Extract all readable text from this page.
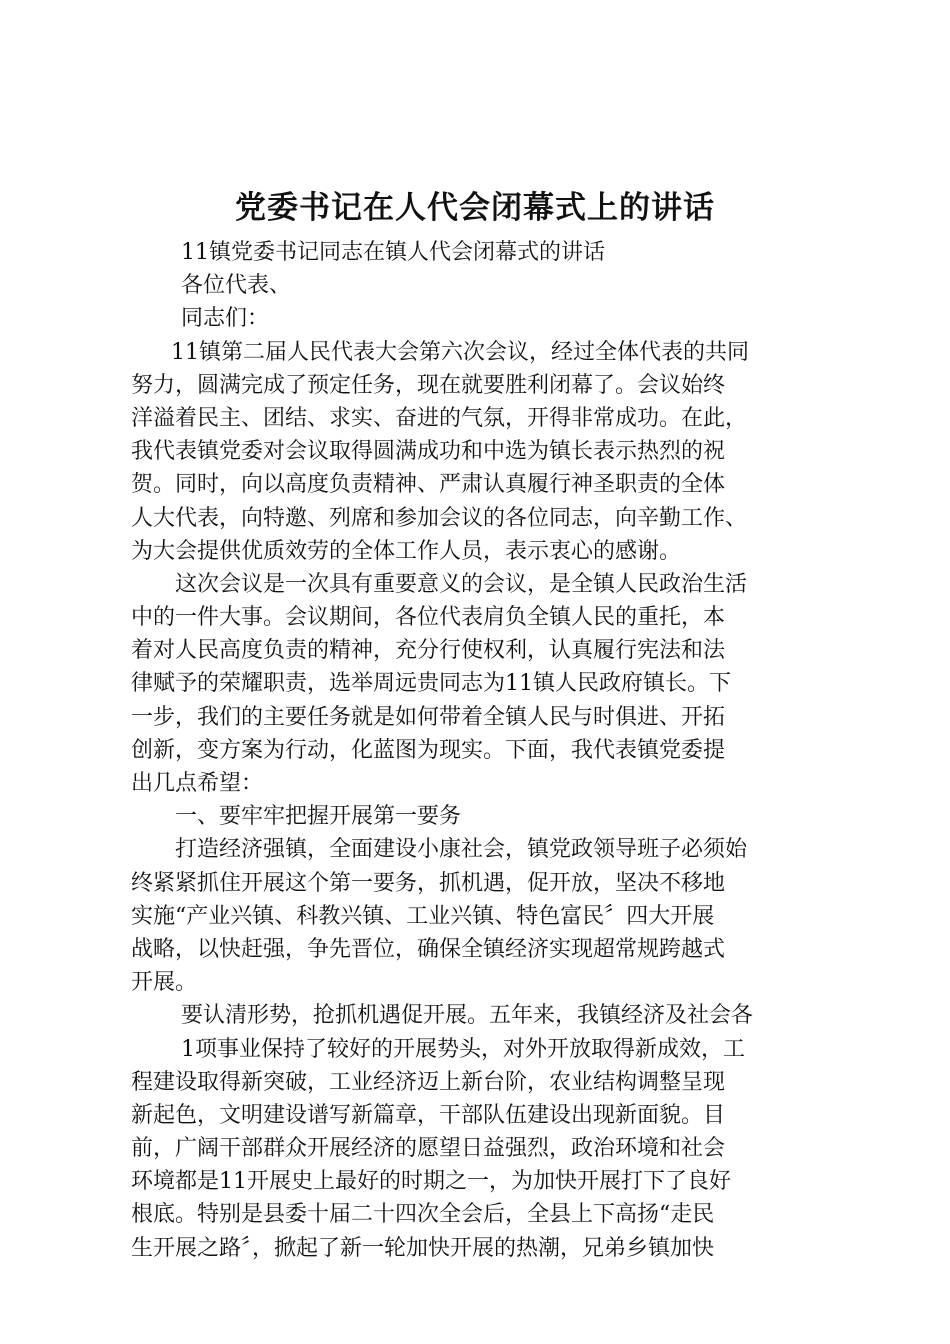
党委书记在人代会闭幕式上的讲话
11镇党委书记同志在镇人代会闭幕式的讲话
各位代表、
同志们：
11镇第二届人民代表大会第六次会议，经过全体代表的共同
努力，圆满完成了预定任务，现在就要胜利闭幕了。会议始终
洋溢着民主、团结、求实、奋进的气氛，开得非常成功。在此，
我代表镇党委对会议取得圆满成功和中选为镇长表示热烈的祝
贺。同时，向以高度负责精神、严肃认真履行神圣职责的全体
人大代表，向特邀、列席和参加会议的各位同志，向辛勤工作、
为大会提供优质效劳的全体工作人员，表示衷心的感谢。
这次会议是一次具有重要意义的会议，是全镇人民政治生活
中的一件大事。会议期间，各位代表肩负全镇人民的重托，本
着对人民高度负责的精神，充分行使权利，认真履行宪法和法
律赋予的荣耀职责，选举周远贵同志为11镇人民政府镇长。下
一步，我们的主要任务就是如何带着全镇人民与时俱进、开拓
创新，变方案为行动，化蓝图为现实。下面，我代表镇党委提
出几点希望：
一、要牢牢把握开展第一要务
打造经济强镇，全面建设小康社会，镇党政领导班子必须始
终紧紧抓住开展这个第一要务，抓机遇，促开放，坚决不移地
实施“产业兴镇、科教兴镇、工业兴镇、特色富民〞四大开展
战略，以快赶强，争先晋位，确保全镇经济实现超常规跨越式
开展。
要认清形势，抢抓机遇促开展。五年来，我镇经济及社会各
1项事业保持了较好的开展势头，对外开放取得新成效，工
程建设取得新突破，工业经济迈上新台阶，农业结构调整呈现
新起色，文明建设谱写新篇章，干部队伍建设出现新面貌。目
前，广阔干部群众开展经济的愿望日益强烈，政治环境和社会
环境都是11开展史上最好的时期之一，为加快开展打下了良好
根底。特别是县委十届二十四次全会后，全县上下高扬“走民
生开展之路〞，掀起了新一轮加快开展的热潮，兄弟乡镇加快
